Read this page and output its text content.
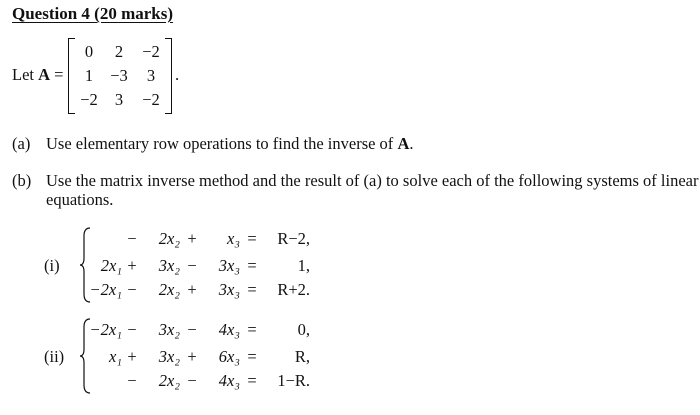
Question 4 (20 marks)
Let A =
0	2	−2
1	−3	3
−2	3	−2
.
(a) Use elementary row operations to find the inverse of A.
(b) Use the matrix inverse method and the result of (a) to solve each of the following systems of linear
equations.
(i)
−	2x₂ +	x₃ =	R−2,
2x₁ +	3x₂ −	3x₃ =	1,
−2x₁ −	2x₂ +	3x₃ =	R+2.
(ii)
−2x₁ −	3x₂ −	4x₃ =	0,
x₁ +	3x₂ +	6x₃ =	R,
−	2x₂ −	4x₃ =	1−R.
